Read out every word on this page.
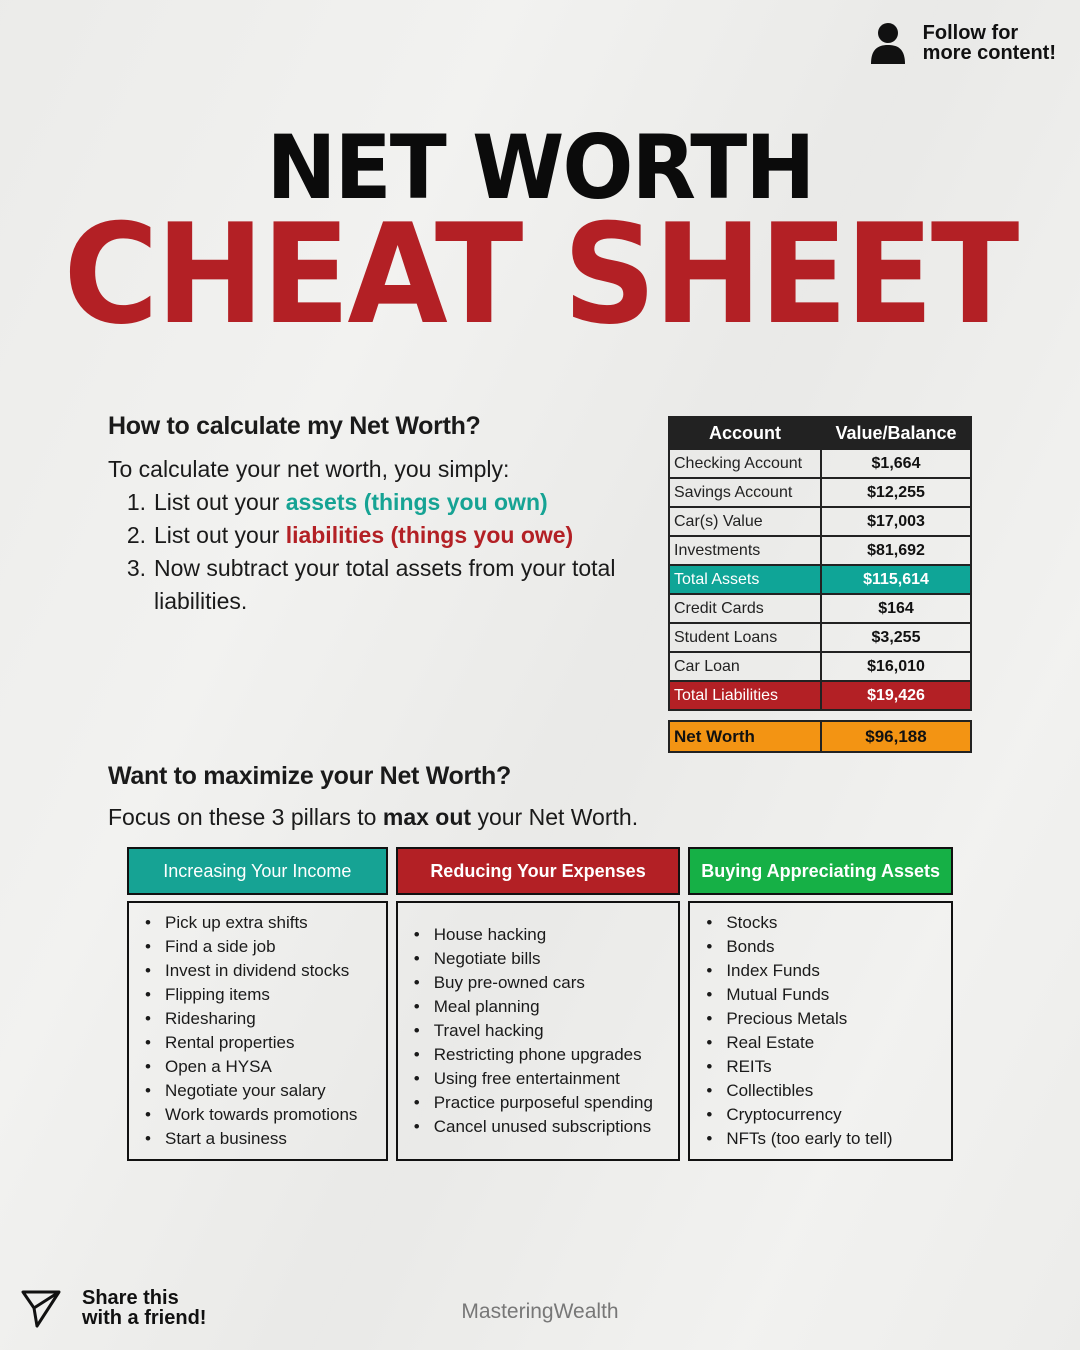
Follow for
more content!
NET WORTH
CHEAT SHEET
How to calculate my Net Worth?
To calculate your net worth, you simply:
1. List out your assets (things you own)
2. List out your liabilities (things you owe)
3. Now subtract your total assets from your total liabilities.
Account	Value/Balance
Checking Account	$1,664
Savings Account	$12,255
Car(s) Value	$17,003
Investments	$81,692
Total Assets	$115,614
Credit Cards	$164
Student Loans	$3,255
Car Loan	$16,010
Total Liabilities	$19,426
Net Worth	$96,188
Want to maximize your Net Worth?
Focus on these 3 pillars to max out your Net Worth.
Increasing Your Income
• Pick up extra shifts
• Find a side job
• Invest in dividend stocks
• Flipping items
• Ridesharing
• Rental properties
• Open a HYSA
• Negotiate your salary
• Work towards promotions
• Start a business
Reducing Your Expenses
• House hacking
• Negotiate bills
• Buy pre-owned cars
• Meal planning
• Travel hacking
• Restricting phone upgrades
• Using free entertainment
• Practice purposeful spending
• Cancel unused subscriptions
Buying Appreciating Assets
• Stocks
• Bonds
• Index Funds
• Mutual Funds
• Precious Metals
• Real Estate
• REITs
• Collectibles
• Cryptocurrency
• NFTs (too early to tell)
Share this
with a friend!	MasteringWealth
